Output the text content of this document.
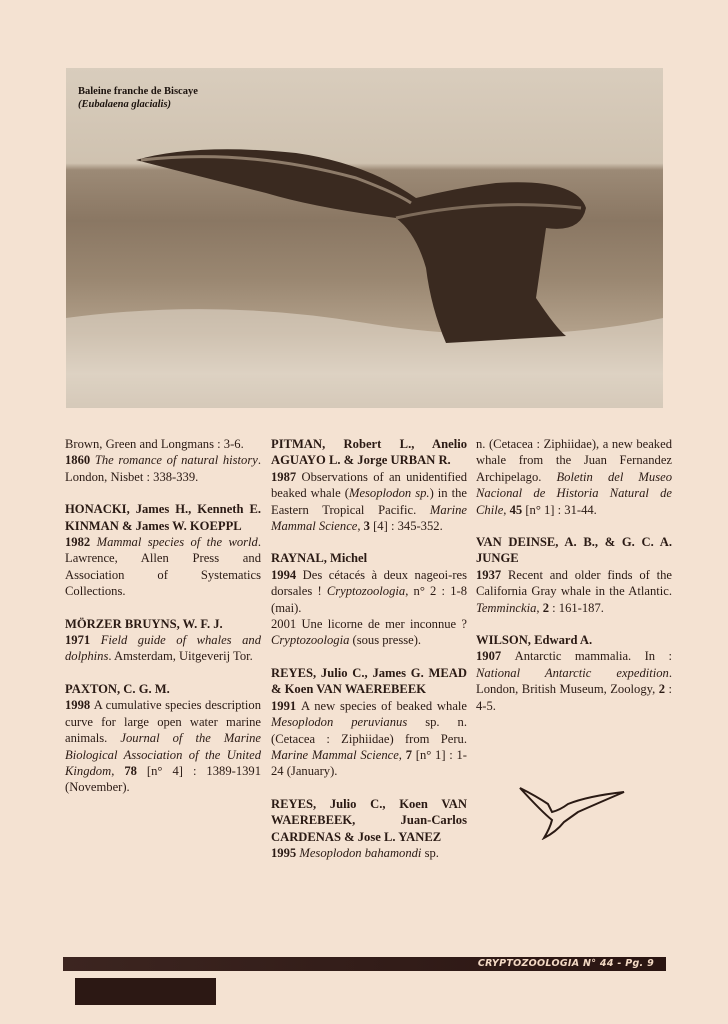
Baleine franche de Biscaye
(Eubalaena glacialis)
Brown, Green and Longmans : 3-6.
1860 The romance of natural history. London, Nisbet : 338-339.
HONACKI, James H., Kenneth E. KINMAN & James W. KOEPPL
1982 Mammal species of the world. Lawrence, Allen Press and Association of Systematics Collections.
MÖRZER BRUYNS, W. F. J.
1971 Field guide of whales and dolphins. Amsterdam, Uitgeverij Tor.
PAXTON, C. G. M.
1998 A cumulative species description curve for large open water marine animals. Journal of the Marine Biological Association of the United Kingdom, 78 [n° 4] : 1389-1391 (November).
PITMAN, Robert L., Anelio AGUAYO L. & Jorge URBAN R.
1987 Observations of an unidentified beaked whale (Mesoplodon sp.) in the Eastern Tropical Pacific. Marine Mammal Science, 3 [4] : 345-352.
RAYNAL, Michel
1994 Des cétacés à deux nageoi-res dorsales ! Cryptozoologia, n° 2 : 1-8 (mai).
2001 Une licorne de mer inconnue ? Cryptozoologia (sous presse).
REYES, Julio C., James G. MEAD & Koen VAN WAEREBEEK
1991 A new species of beaked whale Mesoplodon peruvianus sp. n. (Cetacea : Ziphiidae) from Peru. Marine Mammal Science, 7 [n° 1] : 1-24 (January).
REYES, Julio C., Koen VAN WAEREBEEK, Juan-Carlos CARDENAS & Jose L. YANEZ
1995 Mesoplodon bahamondi sp.
n. (Cetacea : Ziphiidae), a new beaked whale from the Juan Fernandez Archipelago. Boletin del Museo Nacional de Historia Natural de Chile, 45 [n° 1] : 31-44.
VAN DEINSE, A. B., & G. C. A. JUNGE
1937 Recent and older finds of the California Gray whale in the Atlantic. Temminckia, 2 : 161-187.
WILSON, Edward A.
1907 Antarctic mammalia. In : National Antarctic expedition. London, British Museum, Zoology, 2 : 4-5.
CRYPTOZOOLOGIA N° 44 - Pg. 9
